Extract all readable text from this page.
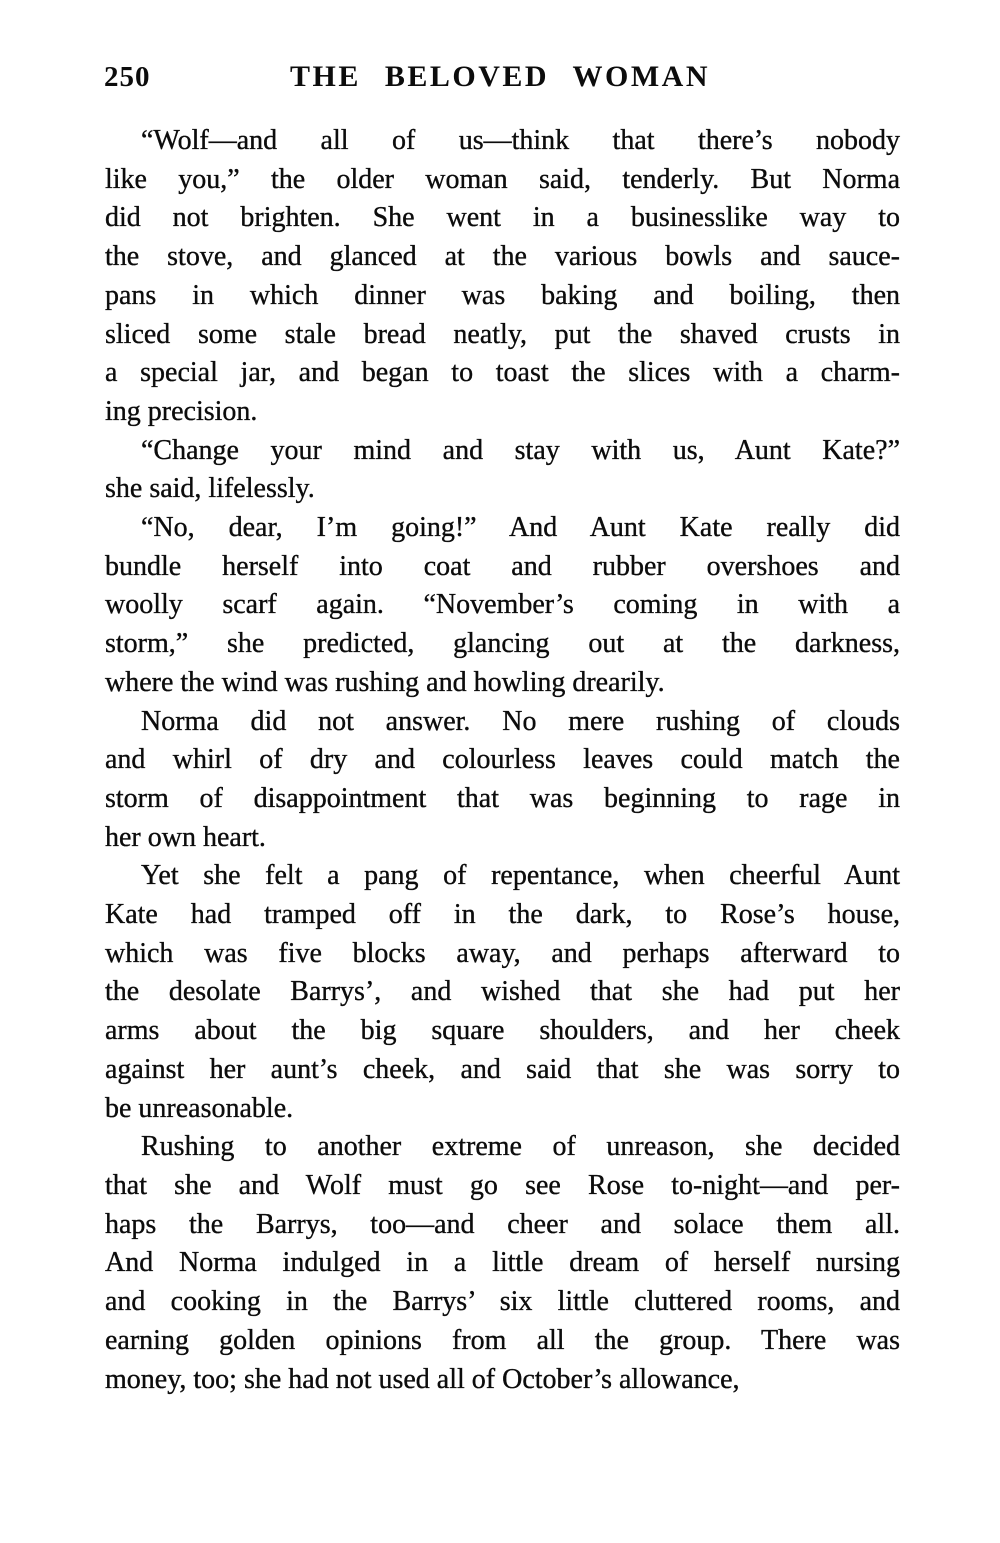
250	THE BELOVED WOMAN

“Wolf—and all of us—think that there’s nobody
like you,” the older woman said, tenderly. But Norma
did not brighten. She went in a businesslike way to
the stove, and glanced at the various bowls and sauce-
pans in which dinner was baking and boiling, then
sliced some stale bread neatly, put the shaved crusts in
a special jar, and began to toast the slices with a charm-
ing precision.

“Change your mind and stay with us, Aunt Kate?”
she said, lifelessly.

“No, dear, I’m going!” And Aunt Kate really did
bundle herself into coat and rubber overshoes and
woolly scarf again. “November’s coming in with a
storm,” she predicted, glancing out at the darkness,
where the wind was rushing and howling drearily.

Norma did not answer. No mere rushing of clouds
and whirl of dry and colourless leaves could match the
storm of disappointment that was beginning to rage in
her own heart.

Yet she felt a pang of repentance, when cheerful Aunt
Kate had tramped off in the dark, to Rose’s house,
which was five blocks away, and perhaps afterward to
the desolate Barrys’, and wished that she had put her
arms about the big square shoulders, and her cheek
against her aunt’s cheek, and said that she was sorry to
be unreasonable.

Rushing to another extreme of unreason, she decided
that she and Wolf must go see Rose to-night—and per-
haps the Barrys, too—and cheer and solace them all.
And Norma indulged in a little dream of herself nursing
and cooking in the Barrys’ six little cluttered rooms, and
earning golden opinions from all the group. There was
money, too; she had not used all of October’s allowance,
